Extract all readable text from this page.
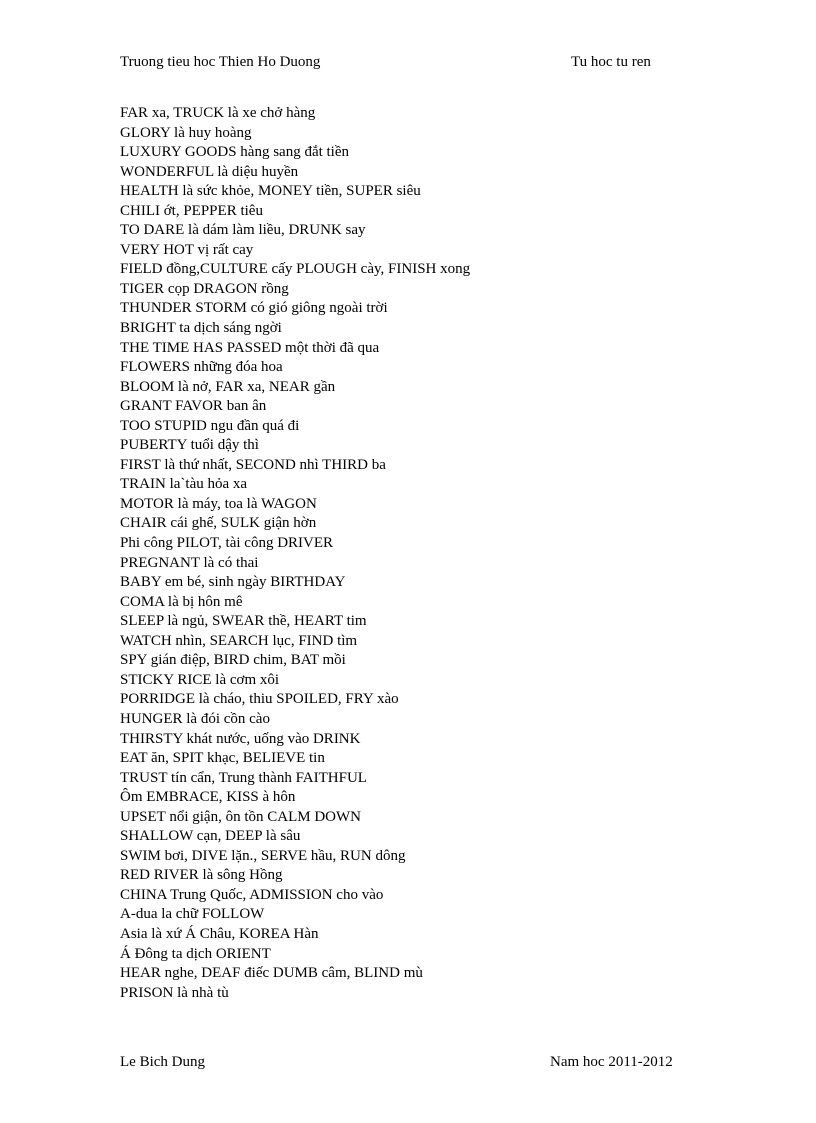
Truong tieu hoc Thien Ho Duong	Tu hoc tu ren
FAR xa, TRUCK là xe chở hàng
GLORY là huy hoàng
LUXURY GOODS hàng sang đắt tiền
WONDERFUL là diệu huyền
HEALTH là sức khỏe, MONEY tiền, SUPER siêu
CHILI ớt, PEPPER tiêu
TO DARE là dám làm liều, DRUNK say
VERY HOT vị rất cay
FIELD đồng,CULTURE cấy PLOUGH cày, FINISH xong
TIGER cọp DRAGON rồng
THUNDER STORM có gió giông ngoài trời
BRIGHT ta dịch sáng ngời
THE TIME HAS PASSED một thời đã qua
FLOWERS những đóa hoa
BLOOM là nở, FAR xa, NEAR gần
GRANT FAVOR ban ân
TOO STUPID ngu đần quá đi
PUBERTY tuổi dậy thì
FIRST là thứ nhất, SECOND nhì THIRD ba
TRAIN la`tàu hỏa xa
MOTOR là máy, toa là WAGON
CHAIR cái ghế, SULK giận hờn
Phi công PILOT, tài công DRIVER
PREGNANT là có thai
BABY em bé, sinh ngày BIRTHDAY
COMA là bị hôn mê
SLEEP là ngủ, SWEAR thề, HEART tim
WATCH nhìn, SEARCH lục, FIND tìm
SPY gián điệp, BIRD chim, BAT mồi
STICKY RICE là cơm xôi
PORRIDGE là cháo, thiu SPOILED, FRY xào
HUNGER là đói cồn cào
THIRSTY khát nước, uống vào DRINK
EAT ăn, SPIT khạc, BELIEVE tin
TRUST tín cẩn, Trung thành FAITHFUL
Ôm EMBRACE, KISS à hôn
UPSET nổi giận, ôn tồn CALM DOWN
SHALLOW cạn, DEEP là sâu
SWIM bơi, DIVE lặn., SERVE hầu, RUN dông
RED RIVER là sông Hồng
CHINA Trung Quốc, ADMISSION cho vào
A-dua la chữ FOLLOW
Asia là xứ Á Châu, KOREA Hàn
Á Đông ta dịch ORIENT
HEAR nghe, DEAF điếc DUMB câm, BLIND mù
PRISON là nhà tù
Le Bich Dung	Nam hoc 2011-2012
